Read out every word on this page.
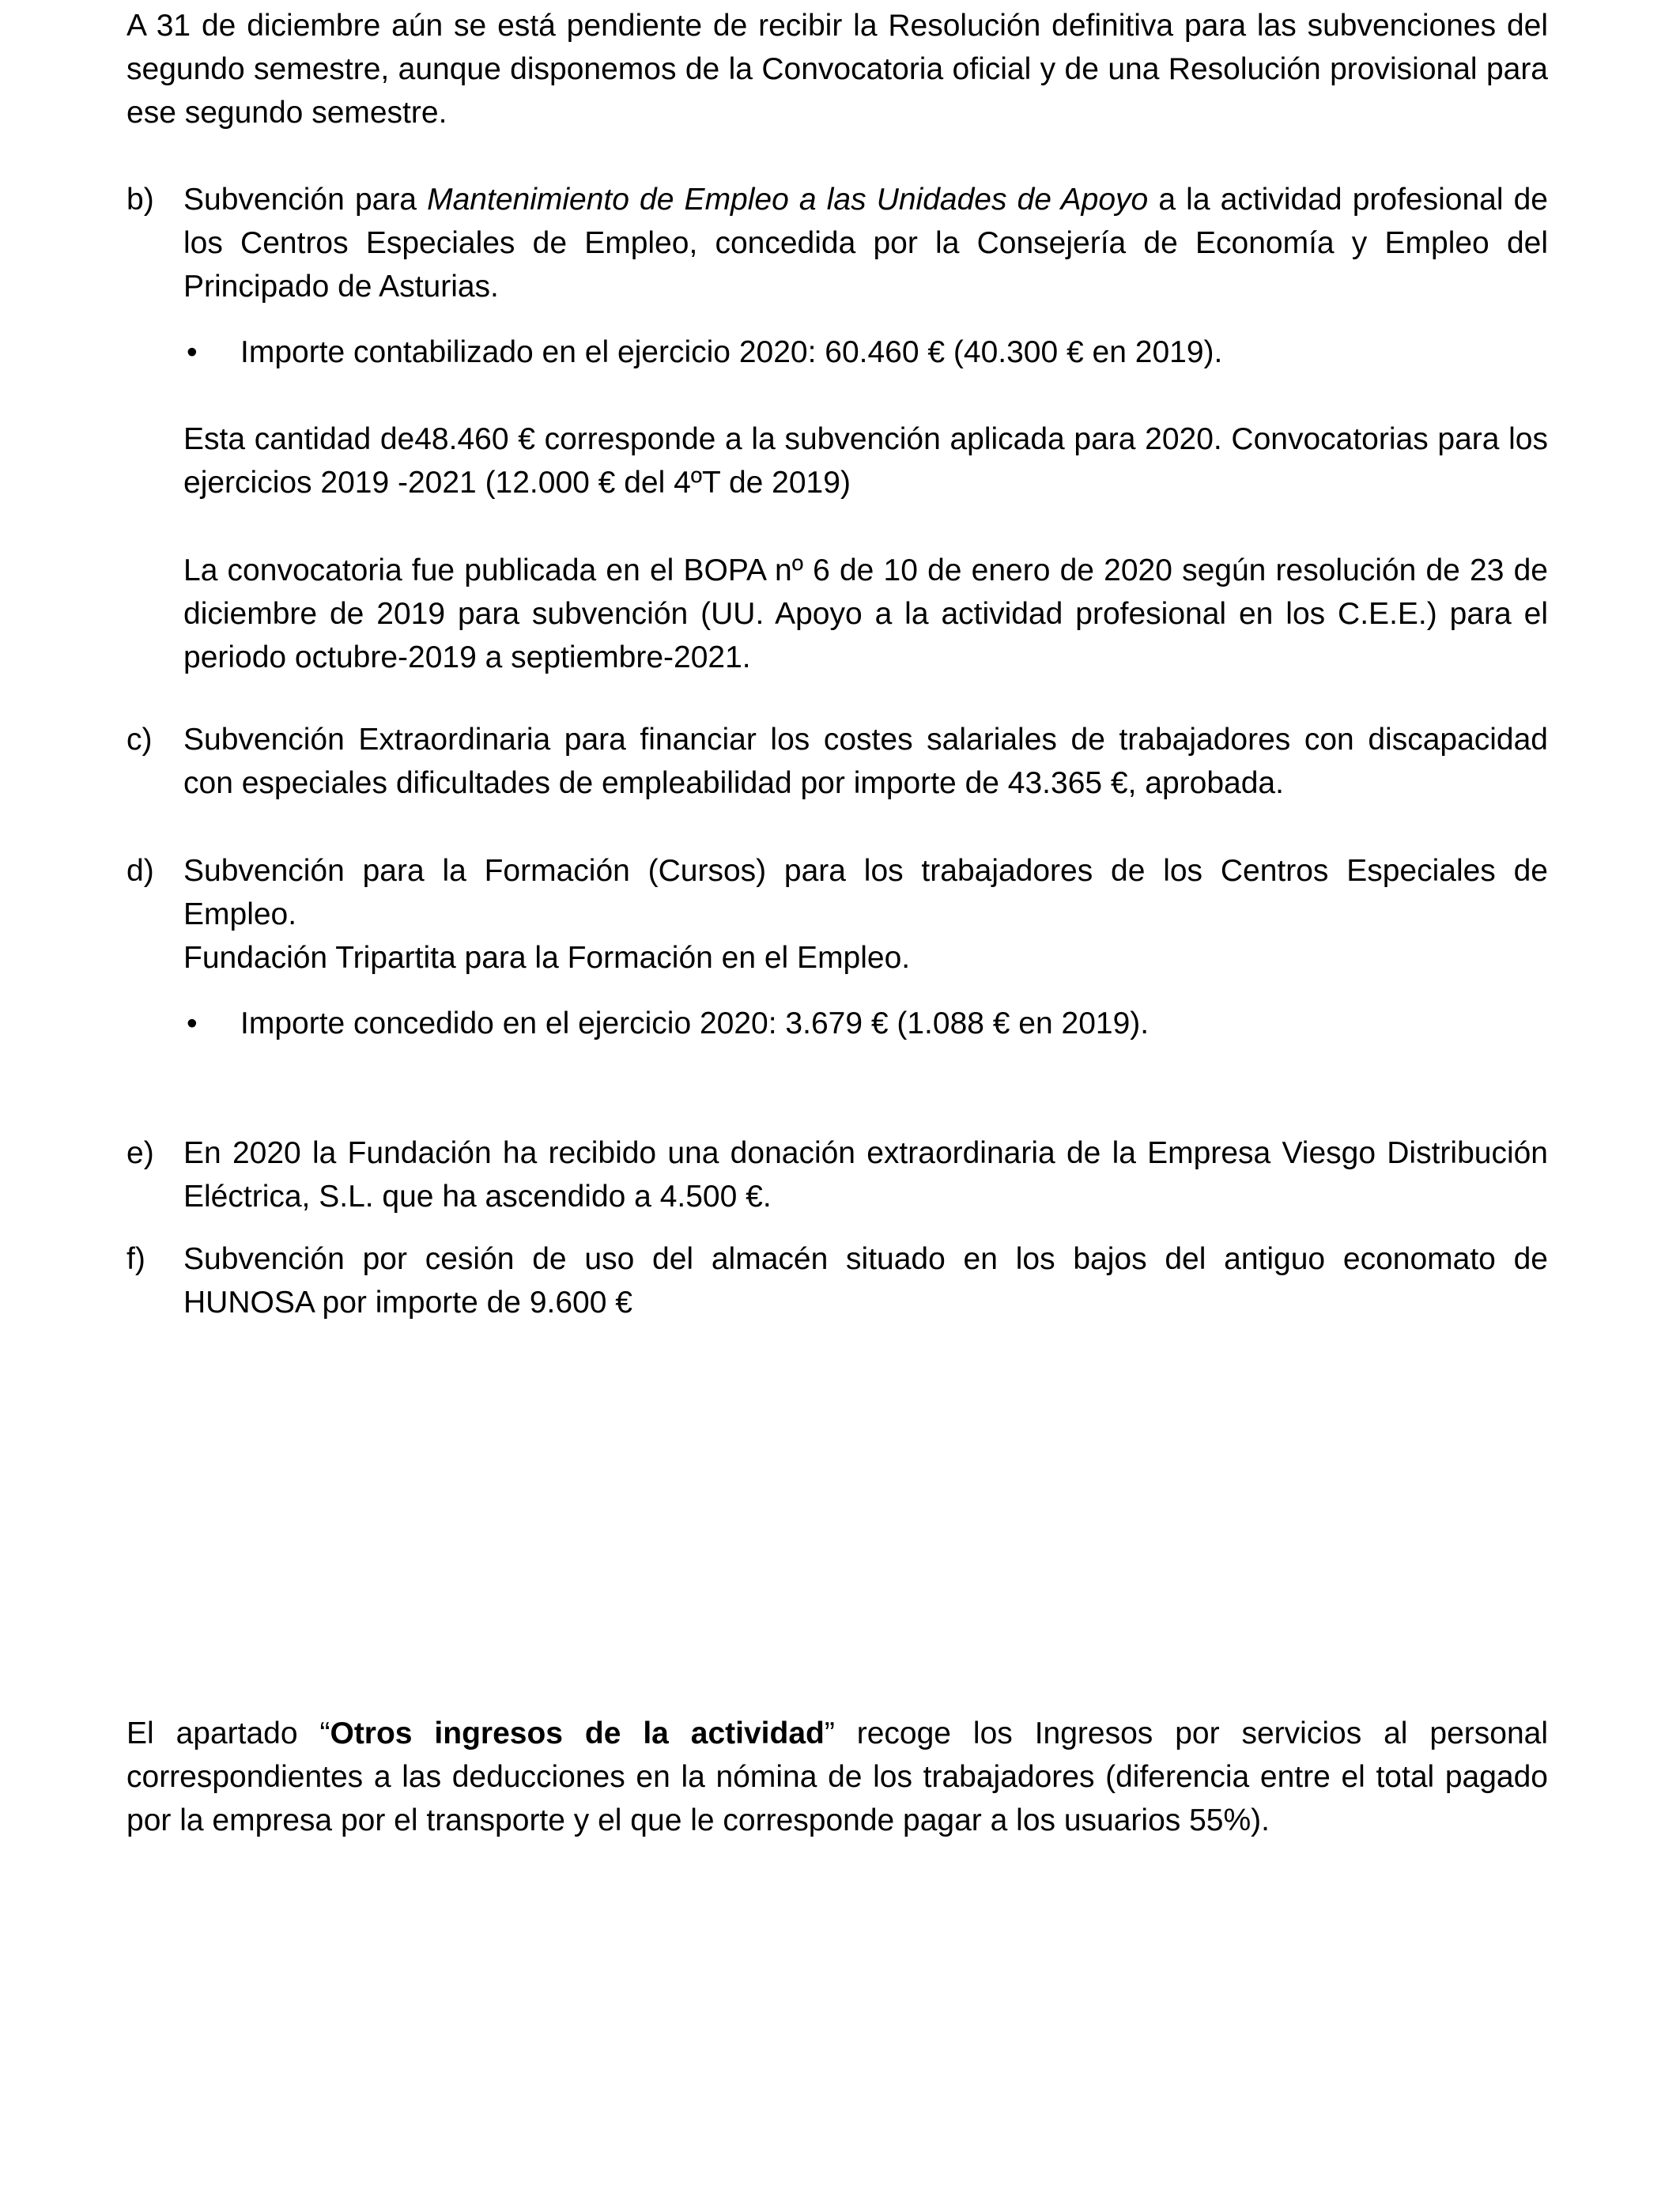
A 31 de diciembre aún se está pendiente de recibir la Resolución definitiva para las subvenciones del segundo semestre, aunque disponemos de la Convocatoria oficial y de una Resolución provisional para ese segundo semestre.

b) Subvención para Mantenimiento de Empleo a las Unidades de Apoyo a la actividad profesional de los Centros Especiales de Empleo, concedida por la Consejería de Economía y Empleo del Principado de Asturias.
• Importe contabilizado en el ejercicio 2020: 60.460 € (40.300 € en 2019).
Esta cantidad de48.460 € corresponde a la subvención aplicada para 2020. Convocatorias para los ejercicios 2019 -2021 (12.000 € del 4ºT de 2019)
La convocatoria fue publicada en el BOPA nº 6 de 10 de enero de 2020 según resolución de 23 de diciembre de 2019 para subvención (UU. Apoyo a la actividad profesional en los C.E.E.) para el periodo octubre-2019 a septiembre-2021.
c) Subvención Extraordinaria para financiar los costes salariales de trabajadores con discapacidad con especiales dificultades de empleabilidad por importe de 43.365 €, aprobada.
d) Subvención para la Formación (Cursos) para los trabajadores de los Centros Especiales de Empleo.

Fundación Tripartita para la Formación en el Empleo.

• Importe concedido en el ejercicio 2020: 3.679 € (1.088 € en 2019).
e) En 2020 la Fundación ha recibido una donación extraordinaria de la Empresa Viesgo Distribución Eléctrica, S.L. que ha ascendido a 4.500 €.
f) Subvención por cesión de uso del almacén situado en los bajos del antiguo economato de HUNOSA por importe de 9.600 €

El apartado “Otros ingresos de la actividad” recoge los Ingresos por servicios al personal correspondientes a las deducciones en la nómina de los trabajadores (diferencia entre el total pagado por la empresa por el transporte y el que le corresponde pagar a los usuarios 55%).
